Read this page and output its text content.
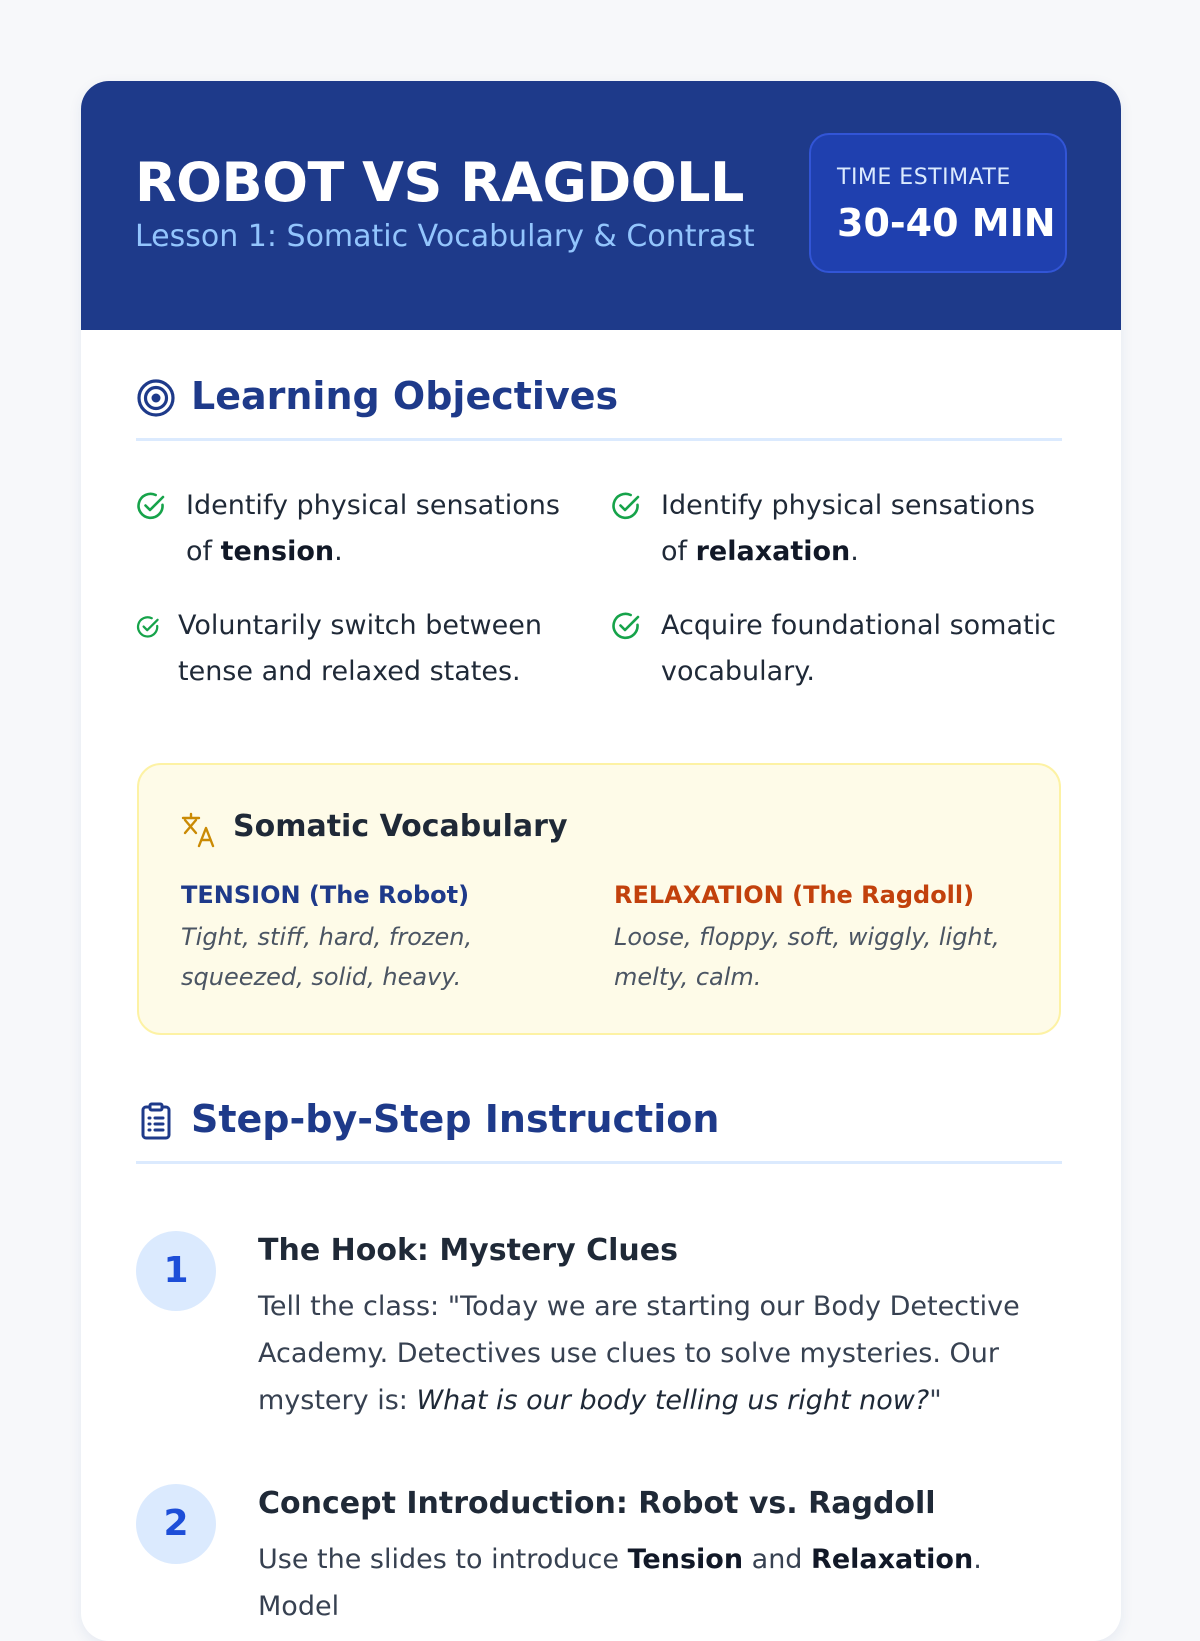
ROBOT VS RAGDOLL
Lesson 1: Somatic Vocabulary & Contrast
TIME ESTIMATE
30-40 MIN
Learning Objectives
Identify physical sensations of tension.
Identify physical sensations of relaxation.
Voluntarily switch between tense and relaxed states.
Acquire foundational somatic vocabulary.
Somatic Vocabulary
TENSION (The Robot)
Tight, stiff, hard, frozen, squeezed, solid, heavy.
RELAXATION (The Ragdoll)
Loose, floppy, soft, wiggly, light, melty, calm.
Step-by-Step Instruction
1	The Hook: Mystery Clues
Tell the class: "Today we are starting our Body Detective Academy. Detectives use clues to solve mysteries. Our mystery is: What is our body telling us right now?"
2	Concept Introduction: Robot vs. Ragdoll
Use the slides to introduce Tension and Relaxation. Model
